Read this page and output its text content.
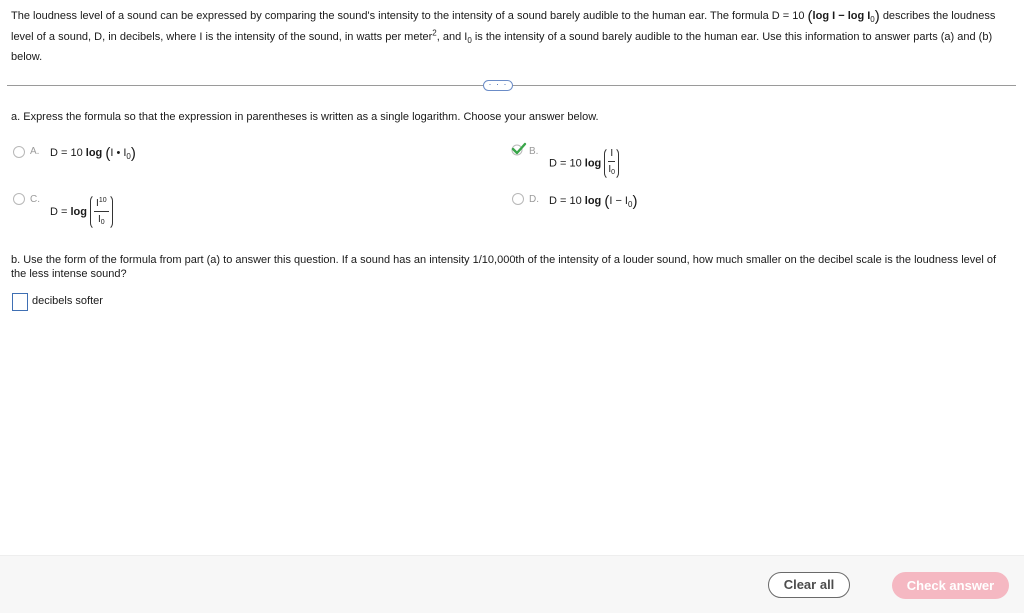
The loudness level of a sound can be expressed by comparing the sound's intensity to the intensity of a sound barely audible to the human ear. The formula D = 10 (log $I - \log I_0$) describes the loudness level of a sound, D, in decibels, where I is the intensity of the sound, in watts per meter$^2$, and $I_0$ is the intensity of a sound barely audible to the human ear. Use this information to answer parts (a) and (b) below.
· · ·
a. Express the formula so that the expression in parentheses is written as a single logarithm. Choose your answer below.
A. D = 10 log (I • $I_0$)	B.
D = 10 $\log \frac{I}{I_0}$
C.
$D = \log \frac{I^{10}}{I_0}$	D. D = 10 $\log (I - I_0)$
b. Use the form of the formula from part (a) to answer this question. If a sound has an intensity 1/10,000th of the intensity of a louder sound, how much smaller on the decibel scale is the loudness level of the less intense sound?
decibels softer
Clear all	Check answer
